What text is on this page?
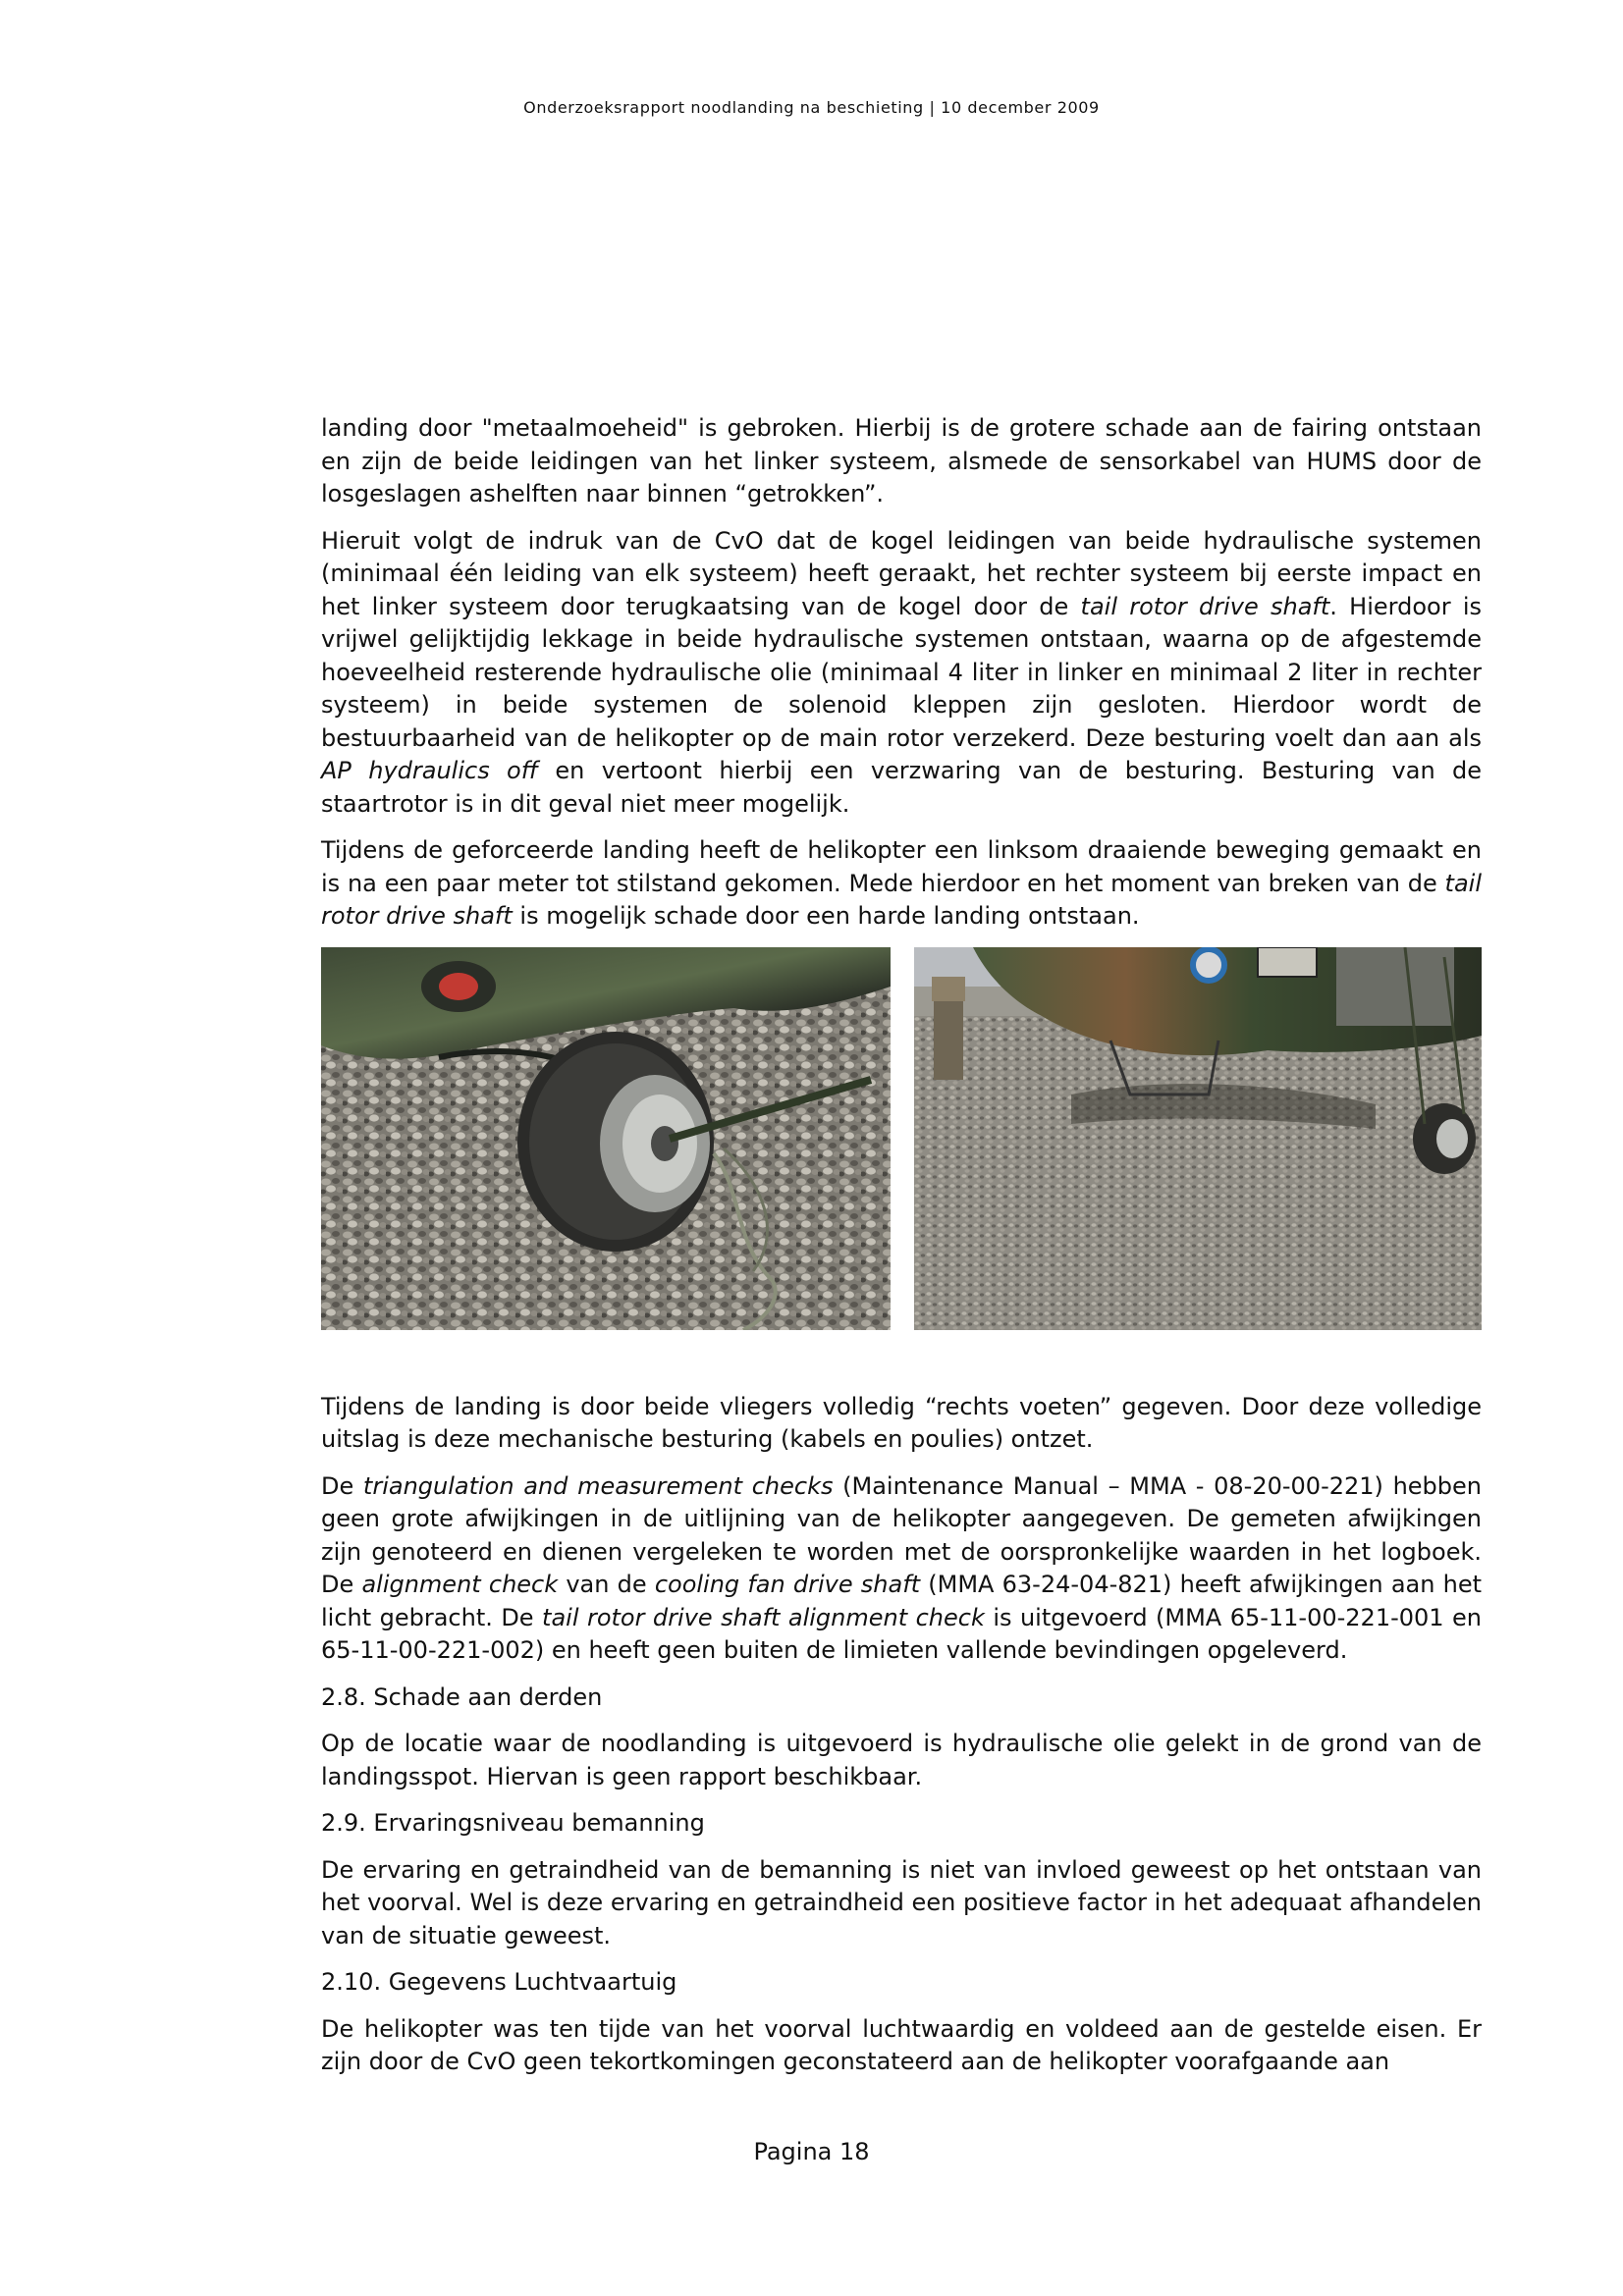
Onderzoeksrapport noodlanding na beschieting | 10 december 2009

landing door "metaalmoeheid" is gebroken. Hierbij is de grotere schade aan de fairing ontstaan en zijn de beide leidingen van het linker systeem, alsmede de sensorkabel van HUMS door de losgeslagen ashelften naar binnen “getrokken”.

Hieruit volgt de indruk van de CvO dat de kogel leidingen van beide hydraulische systemen (minimaal één leiding van elk systeem) heeft geraakt, het rechter systeem bij eerste impact en het linker systeem door terugkaatsing van de kogel door de tail rotor drive shaft. Hierdoor is vrijwel gelijktijdig lekkage in beide hydraulische systemen ontstaan, waarna op de afgestemde hoeveelheid resterende hydraulische olie (minimaal 4 liter in linker en minimaal 2 liter in rechter systeem) in beide systemen de solenoid kleppen zijn gesloten. Hierdoor wordt de bestuurbaarheid van de helikopter op de main rotor verzekerd. Deze besturing voelt dan aan als AP hydraulics off en vertoont hierbij een verzwaring van de besturing. Besturing van de staartrotor is in dit geval niet meer mogelijk.

Tijdens de geforceerde landing heeft de helikopter een linksom draaiende beweging gemaakt en is na een paar meter tot stilstand gekomen. Mede hierdoor en het moment van breken van de tail rotor drive shaft is mogelijk schade door een harde landing ontstaan.

Tijdens de landing is door beide vliegers volledig “rechts voeten” gegeven. Door deze volledige uitslag is deze mechanische besturing (kabels en poulies) ontzet.

De triangulation and measurement checks (Maintenance Manual – MMA - 08-20-00-221) hebben geen grote afwijkingen in de uitlijning van de helikopter aangegeven. De gemeten afwijkingen zijn genoteerd en dienen vergeleken te worden met de oorspronkelijke waarden in het logboek. De alignment check van de cooling fan drive shaft (MMA 63-24-04-821) heeft afwijkingen aan het licht gebracht. De tail rotor drive shaft alignment check is uitgevoerd (MMA 65-11-00-221-001 en 65-11-00-221-002) en heeft geen buiten de limieten vallende bevindingen opgeleverd.

2.8. Schade aan derden

Op de locatie waar de noodlanding is uitgevoerd is hydraulische olie gelekt in de grond van de landingsspot. Hiervan is geen rapport beschikbaar.

2.9. Ervaringsniveau bemanning

De ervaring en getraindheid van de bemanning is niet van invloed geweest op het ontstaan van het voorval. Wel is deze ervaring en getraindheid een positieve factor in het adequaat afhandelen van de situatie geweest.

2.10. Gegevens Luchtvaartuig

De helikopter was ten tijde van het voorval luchtwaardig en voldeed aan de gestelde eisen. Er zijn door de CvO geen tekortkomingen geconstateerd aan de helikopter voorafgaande aan

Pagina 18
